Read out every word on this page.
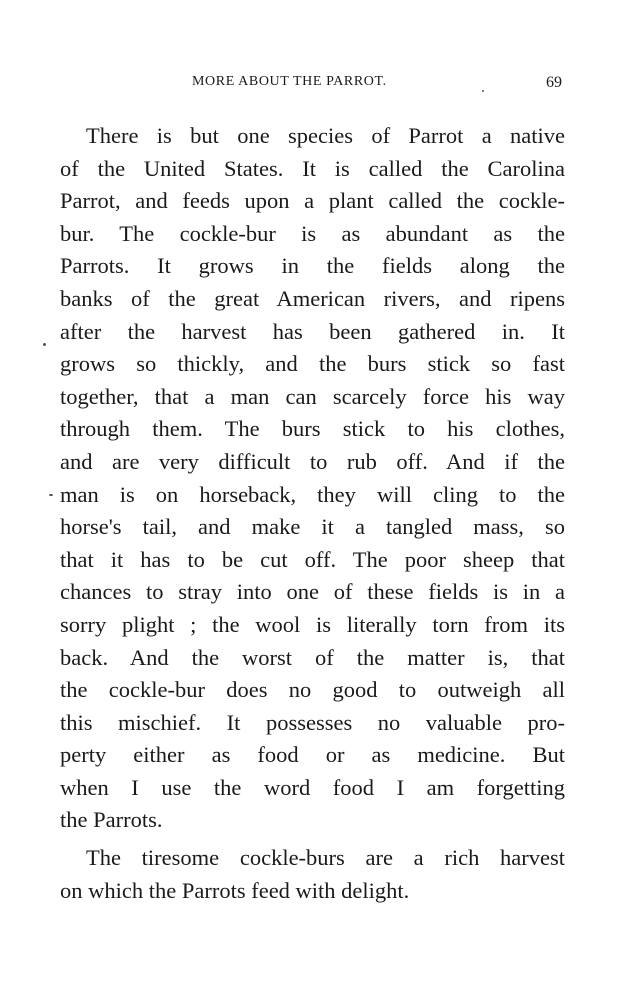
MORE ABOUT THE PARROT.	69
There is but one species of Parrot a native
of the United States. It is called the Carolina
Parrot, and feeds upon a plant called the cockle-
bur. The cockle-bur is as abundant as the
Parrots. It grows in the fields along the
banks of the great American rivers, and ripens
after the harvest has been gathered in. It
grows so thickly, and the burs stick so fast
together, that a man can scarcely force his way
through them. The burs stick to his clothes,
and are very difficult to rub off. And if the
man is on horseback, they will cling to the
horse's tail, and make it a tangled mass, so
that it has to be cut off. The poor sheep that
chances to stray into one of these fields is in a
sorry plight ; the wool is literally torn from its
back. And the worst of the matter is, that
the cockle-bur does no good to outweigh all
this mischief. It possesses no valuable pro-
perty either as food or as medicine. But
when I use the word food I am forgetting
the Parrots.
The tiresome cockle-burs are a rich harvest
on which the Parrots feed with delight.
